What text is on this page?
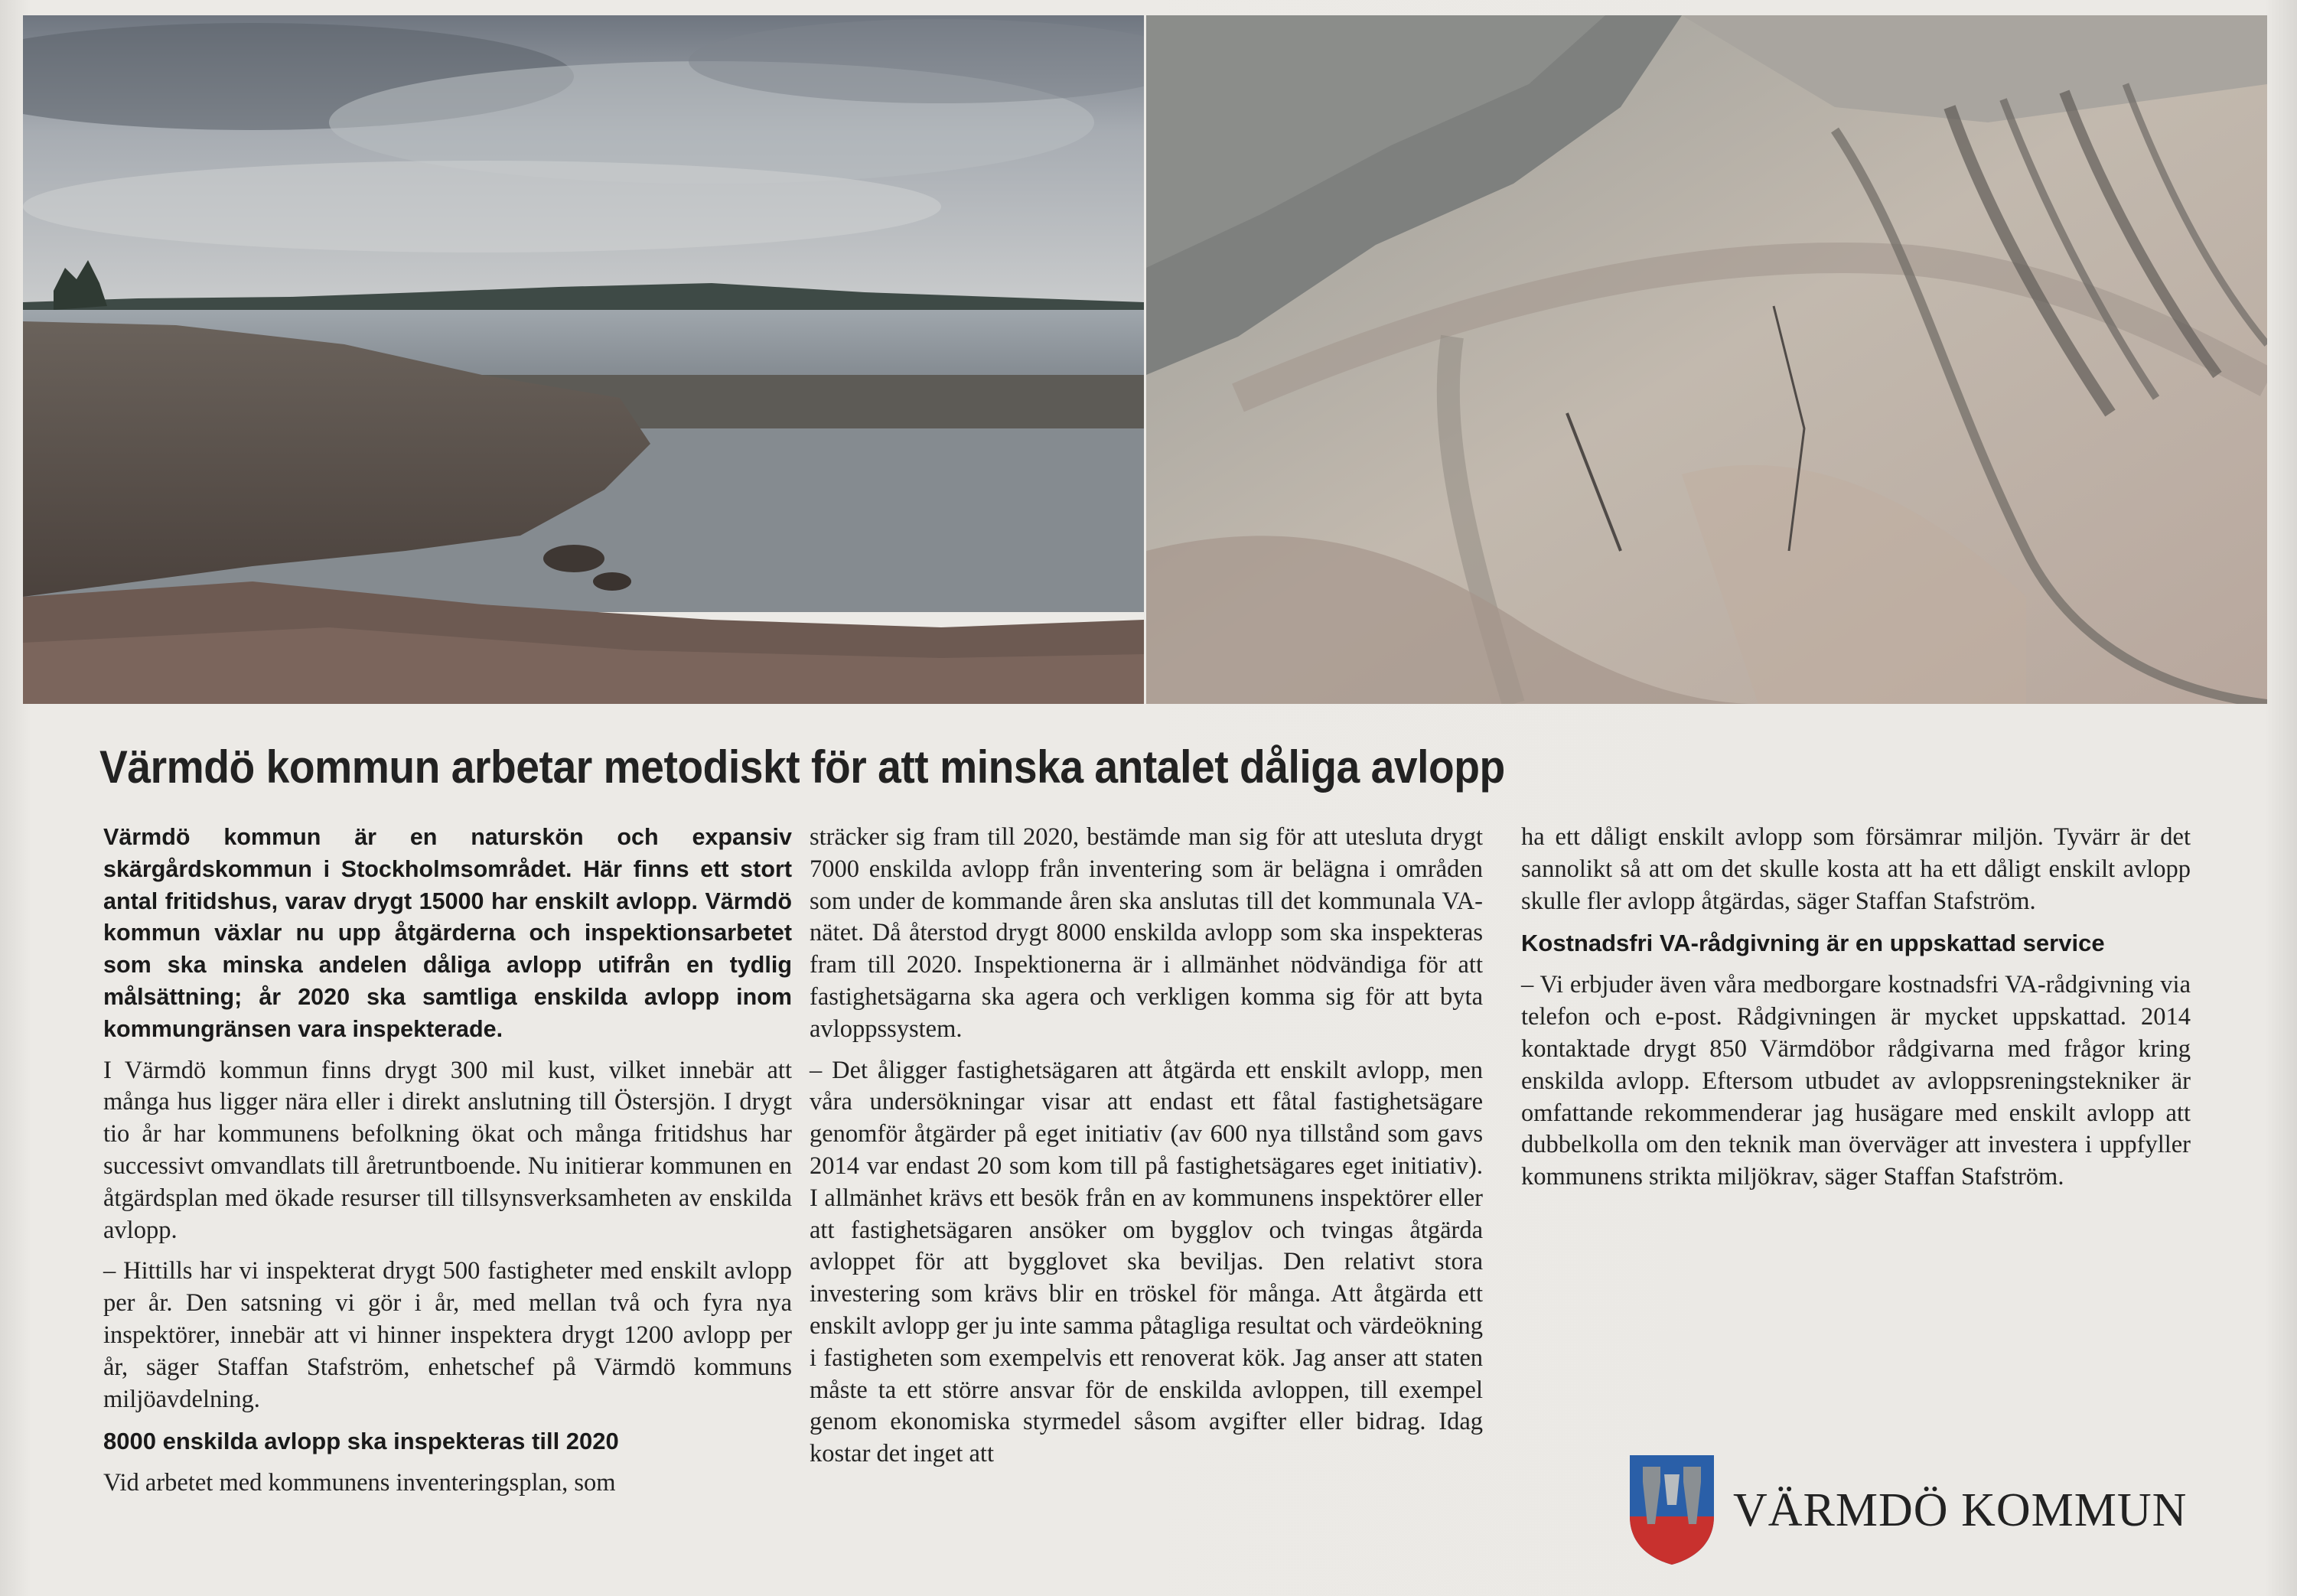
Värmdö kommun arbetar metodiskt för att minska antalet dåliga avlopp

Värmdö kommun är en naturskön och expansiv skärgårdskommun i Stockholmsområdet. Här finns ett stort antal fritidshus, varav drygt 15000 har enskilt avlopp. Värmdö kommun växlar nu upp åtgärderna och inspektionsarbetet som ska minska andelen dåliga avlopp utifrån en tydlig målsättning; år 2020 ska samtliga enskilda avlopp inom kommungränsen vara inspekterade.

I Värmdö kommun finns drygt 300 mil kust, vilket innebär att många hus ligger nära eller i direkt anslutning till Östersjön. I drygt tio år har kommunens befolkning ökat och många fritidshus har successivt omvandlats till åretruntboende. Nu initierar kommunen en åtgärdsplan med ökade resurser till tillsynsverksamheten av enskilda avlopp.

– Hittills har vi inspekterat drygt 500 fastigheter med enskilt avlopp per år. Den satsning vi gör i år, med mellan två och fyra nya inspektörer, innebär att vi hinner inspektera drygt 1200 avlopp per år, säger Staffan Stafström, enhetschef på Värmdö kommuns miljöavdelning.

8000 enskilda avlopp ska inspekteras till 2020

Vid arbetet med kommunens inventeringsplan, som

sträcker sig fram till 2020, bestämde man sig för att utesluta drygt 7000 enskilda avlopp från inventering som är belägna i områden som under de kommande åren ska anslutas till det kommunala VA-nätet. Då återstod drygt 8000 enskilda avlopp som ska inspekteras fram till 2020. Inspektionerna är i allmänhet nödvändiga för att fastighetsägarna ska agera och verkligen komma sig för att byta avloppssystem.

– Det åligger fastighetsägaren att åtgärda ett enskilt avlopp, men våra undersökningar visar att endast ett fåtal fastighetsägare genomför åtgärder på eget initiativ (av 600 nya tillstånd som gavs 2014 var endast 20 som kom till på fastighetsägares eget initiativ). I allmänhet krävs ett besök från en av kommunens inspektörer eller att fastighetsägaren ansöker om bygglov och tvingas åtgärda avloppet för att bygglovet ska beviljas. Den relativt stora investering som krävs blir en tröskel för många. Att åtgärda ett enskilt avlopp ger ju inte samma påtagliga resultat och värdeökning i fastigheten som exempelvis ett renoverat kök. Jag anser att staten måste ta ett större ansvar för de enskilda avloppen, till exempel genom ekonomiska styrmedel såsom avgifter eller bidrag. Idag kostar det inget att

ha ett dåligt enskilt avlopp som försämrar miljön. Tyvärr är det sannolikt så att om det skulle kosta att ha ett dåligt enskilt avlopp skulle fler avlopp åtgärdas, säger Staffan Stafström.

Kostnadsfri VA-rådgivning är en uppskattad service

– Vi erbjuder även våra medborgare kostnadsfri VA-rådgivning via telefon och e-post. Rådgivningen är mycket uppskattad. 2014 kontaktade drygt 850 Värmdöbor rådgivarna med frågor kring enskilda avlopp. Eftersom utbudet av avloppsreningstekniker är omfattande rekommenderar jag husägare med enskilt avlopp att dubbelkolla om den teknik man överväger att investera i uppfyller kommunens strikta miljökrav, säger Staffan Stafström.

VÄRMDÖ KOMMUN
